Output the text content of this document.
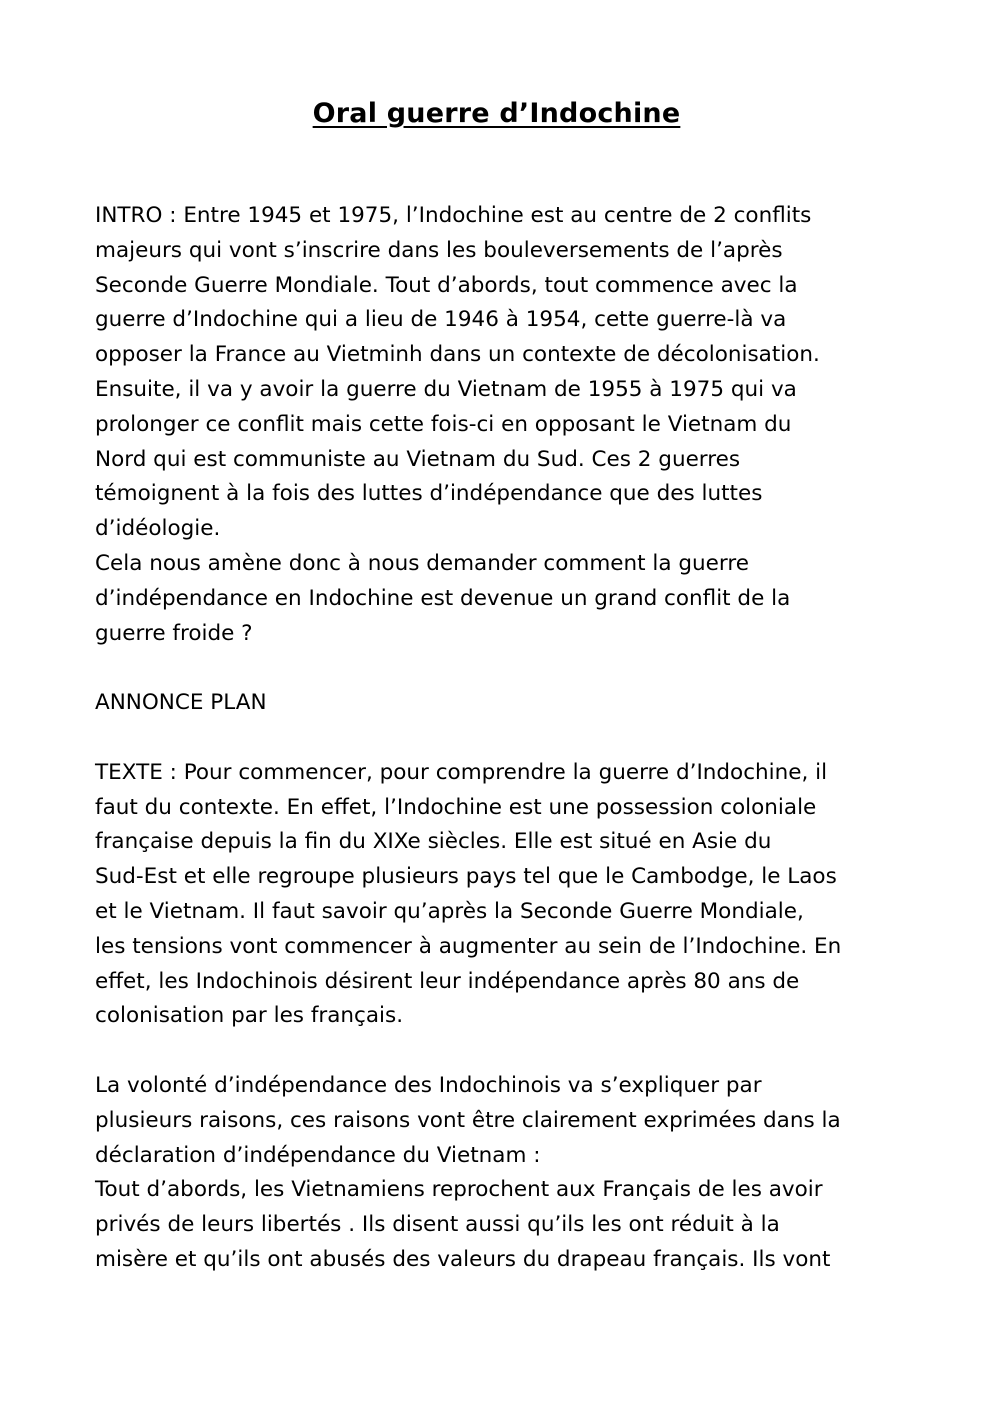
Oral guerre d’Indochine
INTRO : Entre 1945 et 1975, l’Indochine est au centre de 2 conflits
majeurs qui vont s’inscrire dans les bouleversements de l’après
Seconde Guerre Mondiale. Tout d’abords, tout commence avec la
guerre d’Indochine qui a lieu de 1946 à 1954, cette guerre-là va
opposer la France au Vietminh dans un contexte de décolonisation.
Ensuite, il va y avoir la guerre du Vietnam de 1955 à 1975 qui va
prolonger ce conflit mais cette fois-ci en opposant le Vietnam du
Nord qui est communiste au Vietnam du Sud. Ces 2 guerres
témoignent à la fois des luttes d’indépendance que des luttes
d’idéologie.
Cela nous amène donc à nous demander comment la guerre
d’indépendance en Indochine est devenue un grand conflit de la
guerre froide ?
ANNONCE PLAN
TEXTE : Pour commencer, pour comprendre la guerre d’Indochine, il
faut du contexte. En effet, l’Indochine est une possession coloniale
française depuis la fin du XIXe siècles. Elle est situé en Asie du
Sud-Est et elle regroupe plusieurs pays tel que le Cambodge, le Laos
et le Vietnam. Il faut savoir qu’après la Seconde Guerre Mondiale,
les tensions vont commencer à augmenter au sein de l’Indochine. En
effet, les Indochinois désirent leur indépendance après 80 ans de
colonisation par les français.
La volonté d’indépendance des Indochinois va s’expliquer par
plusieurs raisons, ces raisons vont être clairement exprimées dans la
déclaration d’indépendance du Vietnam :
Tout d’abords, les Vietnamiens reprochent aux Français de les avoir
privés de leurs libertés . Ils disent aussi qu’ils les ont réduit à la
misère et qu’ils ont abusés des valeurs du drapeau français. Ils vont
